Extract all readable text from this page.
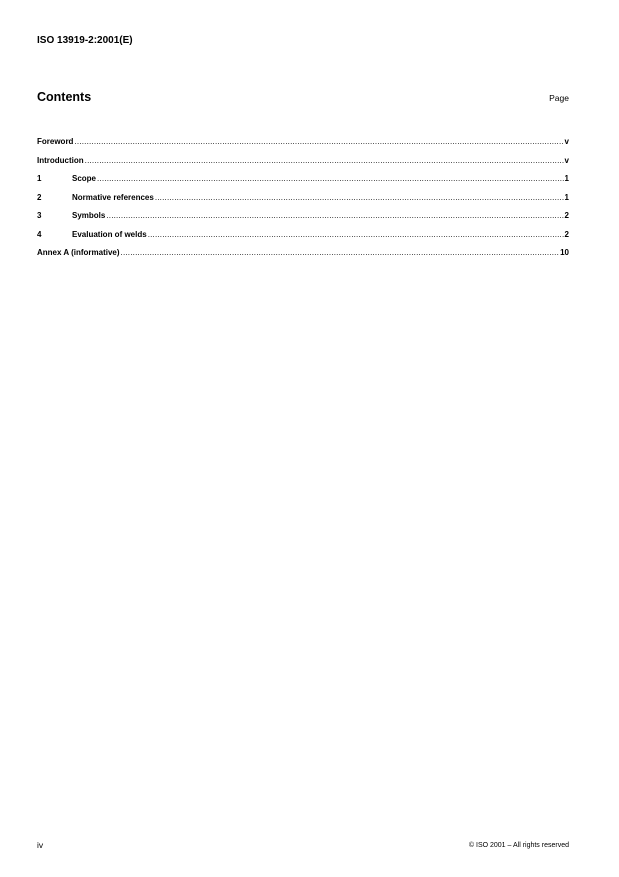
ISO 13919-2:2001(E)

Contents	Page

Foreword .....	v
Introduction .....	v
1	Scope .....	1
2	Normative references .....	1
3	Symbols .....	2
4	Evaluation of welds .....	2
Annex A (informative) .....	10

iv	© ISO 2001 – All rights reserved
